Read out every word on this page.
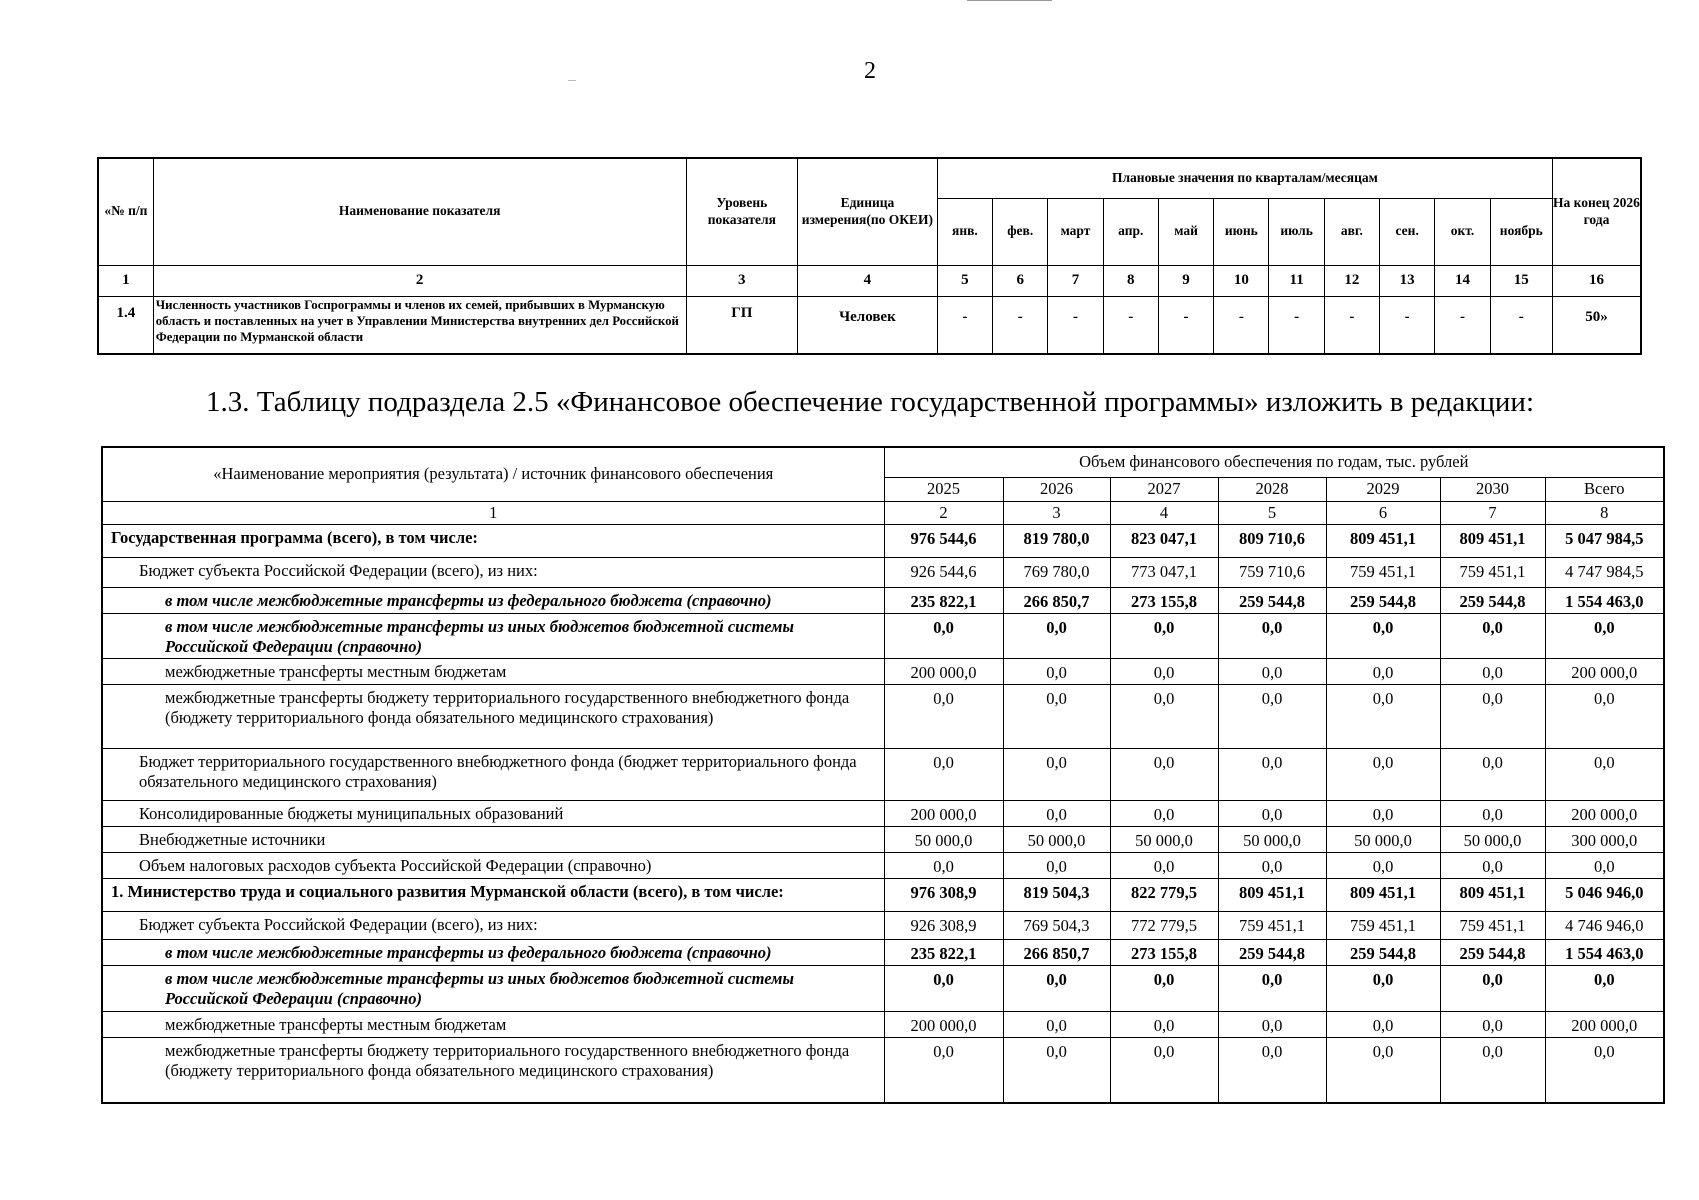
2
«№ п/п	Наименование показателя	Уровень показателя	Единица измерения(по ОКЕИ)	Плановые значения по кварталам/месяцам											На конец 2026 года
				янв.	фев.	март	апр.	май	июнь	июль	авг.	сен.	окт.	ноябрь	
1	2	3	4	5	6	7	8	9	10	11	12	13	14	15	16
1.4	Численность участников Госпрограммы и членов их семей, прибывших в Мурманскую область и поставленных на учет в Управлении Министерства внутренних дел Российской Федерации по Мурманской области	ГП	Человек	-	-	-	-	-	-	-	-	-	-	-	50»
1.3. Таблицу подраздела 2.5 «Финансовое обеспечение государственной программы» изложить в редакции:
«Наименование мероприятия (результата) / источник финансового обеспечения	Объем финансового обеспечения по годам, тыс. рублей						
	2025	2026	2027	2028	2029	2030	Всего
1	2	3	4	5	6	7	8
Государственная программа (всего), в том числе:	976 544,6	819 780,0	823 047,1	809 710,6	809 451,1	809 451,1	5 047 984,5
Бюджет субъекта Российской Федерации (всего), из них:	926 544,6	769 780,0	773 047,1	759 710,6	759 451,1	759 451,1	4 747 984,5
в том числе межбюджетные трансферты из федерального бюджета (справочно)	235 822,1	266 850,7	273 155,8	259 544,8	259 544,8	259 544,8	1 554 463,0
в том числе межбюджетные трансферты из иных бюджетов бюджетной системы Российской Федерации (справочно)	0,0	0,0	0,0	0,0	0,0	0,0	0,0
межбюджетные трансферты местным бюджетам	200 000,0	0,0	0,0	0,0	0,0	0,0	200 000,0
межбюджетные трансферты бюджету территориального государственного внебюджетного фонда (бюджету территориального фонда обязательного медицинского страхования)	0,0	0,0	0,0	0,0	0,0	0,0	0,0
Бюджет территориального государственного внебюджетного фонда (бюджет территориального фонда обязательного медицинского страхования)	0,0	0,0	0,0	0,0	0,0	0,0	0,0
Консолидированные бюджеты муниципальных образований	200 000,0	0,0	0,0	0,0	0,0	0,0	200 000,0
Внебюджетные источники	50 000,0	50 000,0	50 000,0	50 000,0	50 000,0	50 000,0	300 000,0
Объем налоговых расходов субъекта Российской Федерации (справочно)	0,0	0,0	0,0	0,0	0,0	0,0	0,0
1. Министерство труда и социального развития Мурманской области (всего), в том числе:	976 308,9	819 504,3	822 779,5	809 451,1	809 451,1	809 451,1	5 046 946,0
Бюджет субъекта Российской Федерации (всего), из них:	926 308,9	769 504,3	772 779,5	759 451,1	759 451,1	759 451,1	4 746 946,0
в том числе межбюджетные трансферты из федерального бюджета (справочно)	235 822,1	266 850,7	273 155,8	259 544,8	259 544,8	259 544,8	1 554 463,0
в том числе межбюджетные трансферты из иных бюджетов бюджетной системы Российской Федерации (справочно)	0,0	0,0	0,0	0,0	0,0	0,0	0,0
межбюджетные трансферты местным бюджетам	200 000,0	0,0	0,0	0,0	0,0	0,0	200 000,0
межбюджетные трансферты бюджету территориального государственного внебюджетного фонда (бюджету территориального фонда обязательного медицинского страхования)	0,0	0,0	0,0	0,0	0,0	0,0	0,0
